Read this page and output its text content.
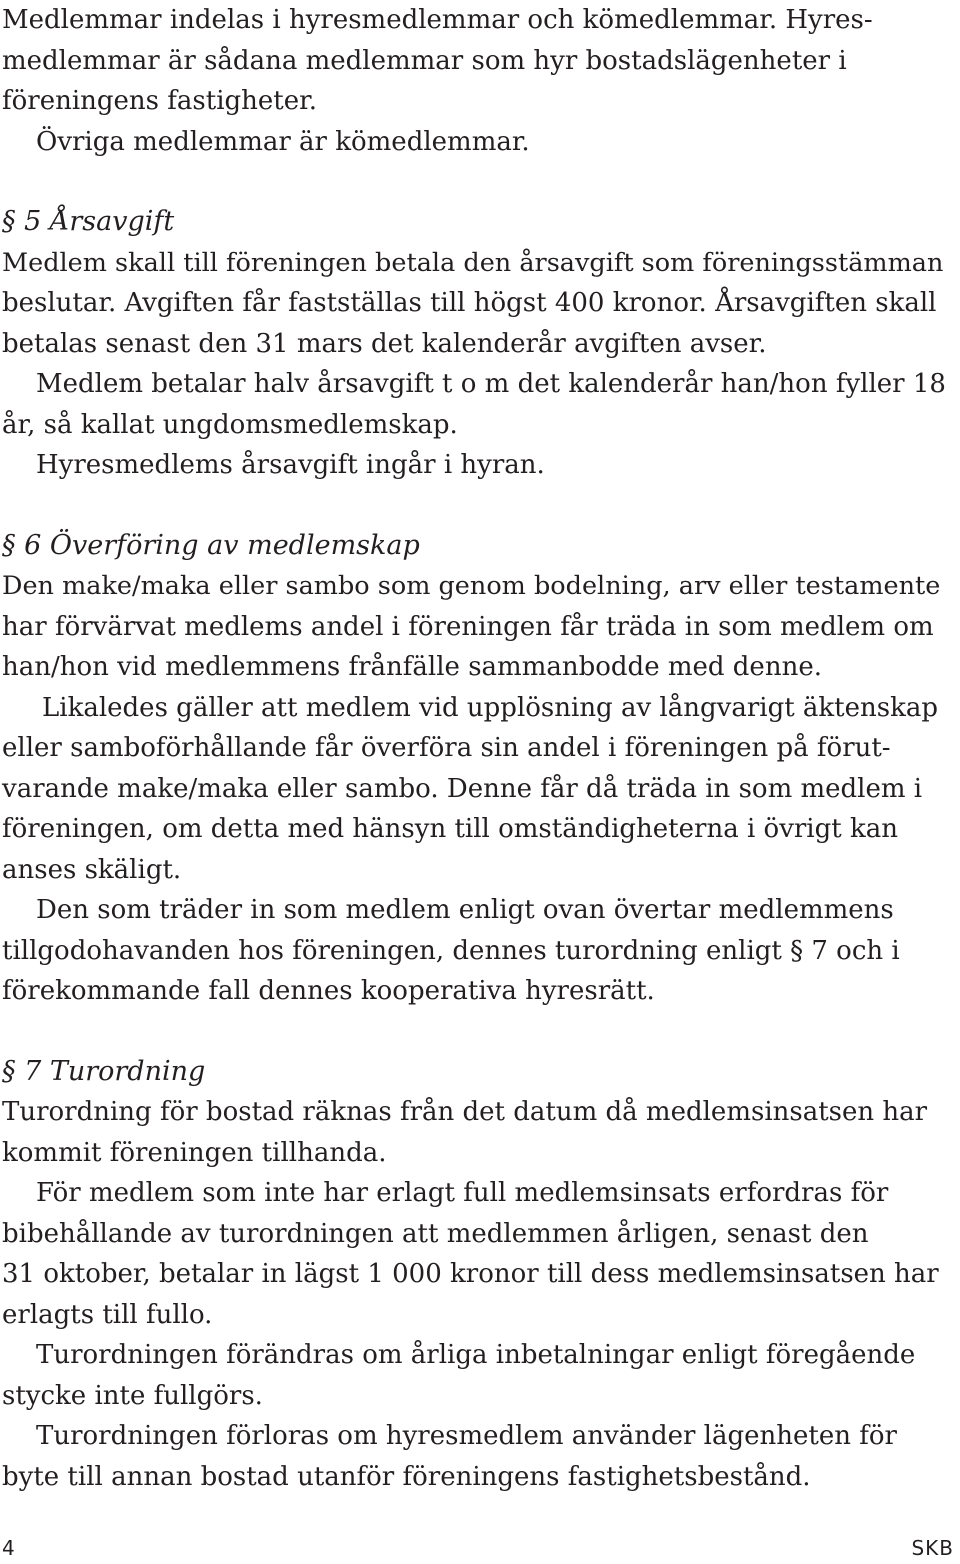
Medlemmar indelas i hyresmedlemmar och kömedlemmar. Hyres-

medlemmar är sådana medlemmar som hyr bostadslägenheter i

föreningens fastigheter.

Övriga medlemmar är kömedlemmar.

§ 5 Årsavgift

Medlem skall till föreningen betala den årsavgift som föreningsstämman

beslutar. Avgiften får fastställas till högst 400 kronor. Årsavgiften skall

betalas senast den 31 mars det kalenderår avgiften avser.

Medlem betalar halv årsavgift t o m det kalenderår han/hon fyller 18

år, så kallat ungdomsmedlemskap.

Hyresmedlems årsavgift ingår i hyran.

§ 6 Överföring av medlemskap

Den make/maka eller sambo som genom bodelning, arv eller testamente

har förvärvat medlems andel i föreningen får träda in som medlem om

han/hon vid medlemmens frånfälle sammanbodde med denne.

Likaledes gäller att medlem vid upplösning av långvarigt äktenskap

eller samboförhållande får överföra sin andel i föreningen på förut-

varande make/maka eller sambo. Denne får då träda in som medlem i

föreningen, om detta med hänsyn till omständigheterna i övrigt kan

anses skäligt.

Den som träder in som medlem enligt ovan övertar medlemmens

tillgodohavanden hos föreningen, dennes turordning enligt § 7 och i

förekommande fall dennes kooperativa hyresrätt.

§ 7 Turordning

Turordning för bostad räknas från det datum då medlemsinsatsen har

kommit föreningen tillhanda.

För medlem som inte har erlagt full medlemsinsats erfordras för

bibehållande av turordningen att medlemmen årligen, senast den

31 oktober, betalar in lägst 1 000 kronor till dess medlemsinsatsen har

erlagts till fullo.

Turordningen förändras om årliga inbetalningar enligt föregående

stycke inte fullgörs.

Turordningen förloras om hyresmedlem använder lägenheten för

byte till annan bostad utanför föreningens fastighetsbestånd.

4	SKB
